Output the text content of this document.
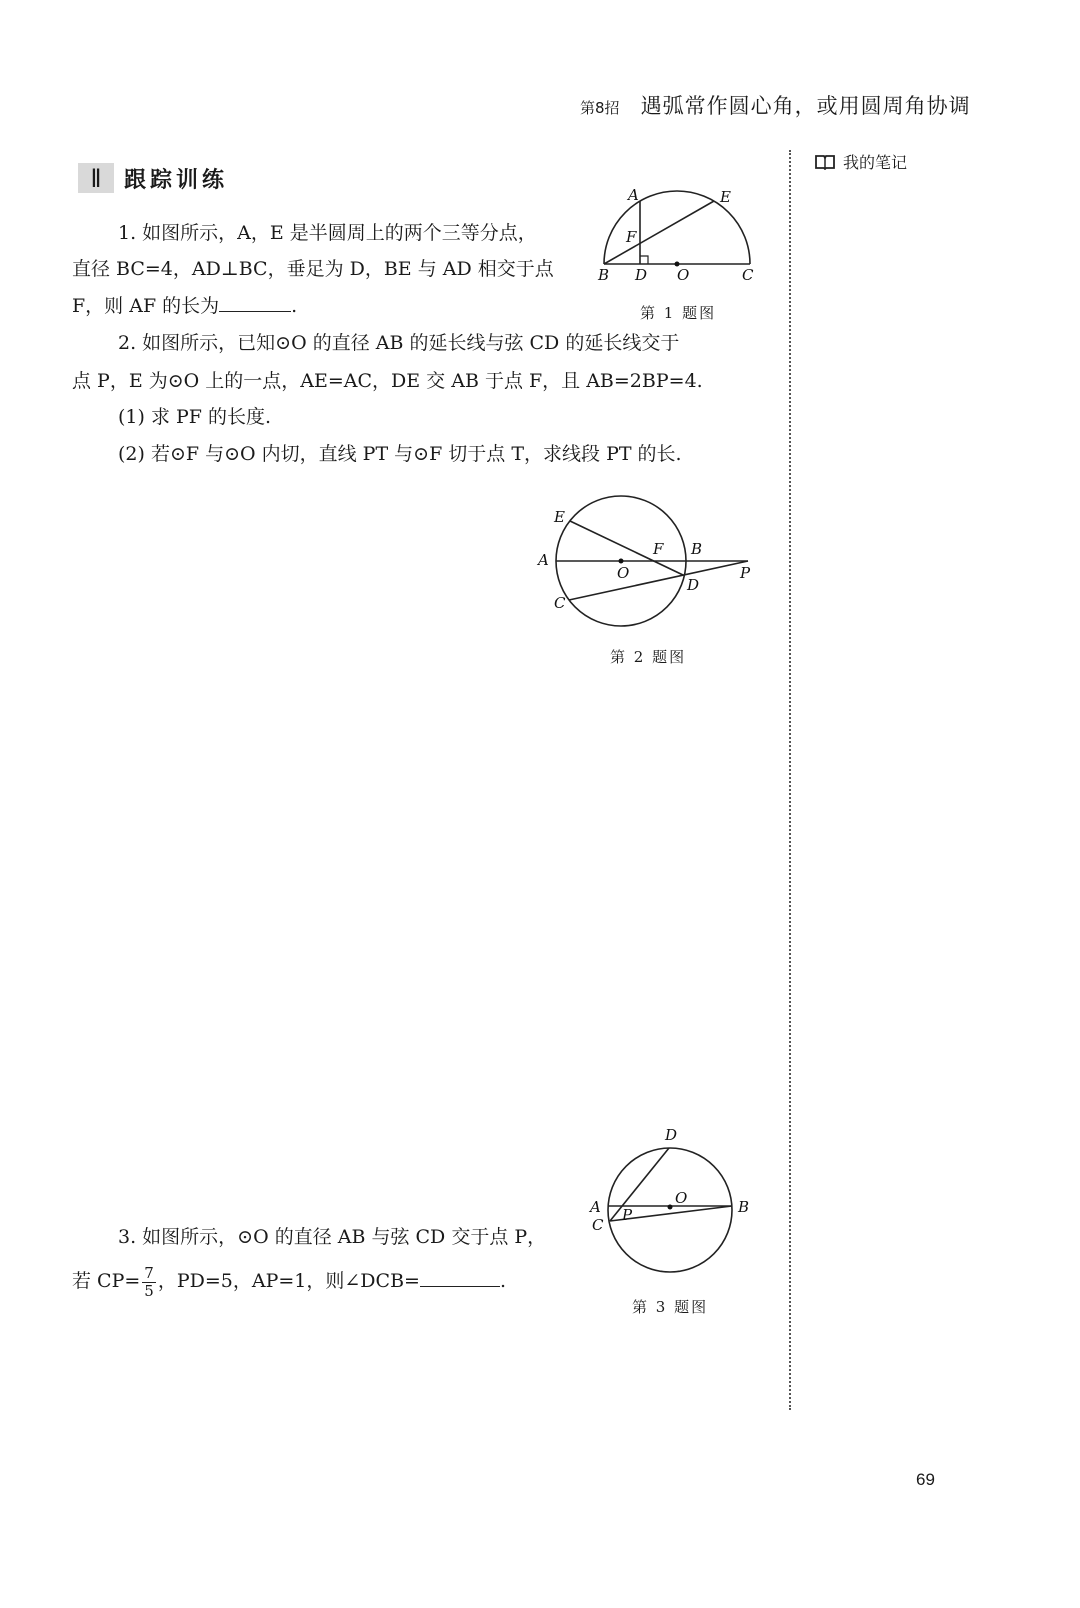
第8招 遇弧常作圆心角，或用圆周角协调
∥	跟踪训练
我的笔记
1. 如图所示，A，E 是半圆周上的两个三等分点，
直径 BC=4，AD⊥BC，垂足为 D，BE 与 AD 相交于点
F，则 AF 的长为	.
A	E
F
B D O	C
第 1 题图
2. 如图所示，已知⊙O 的直径 AB 的延长线与弦 CD 的延长线交于
点 P，E 为⊙O 上的一点，AE=AC，DE 交 AB 于点 F，且 AB=2BP=4.
(1) 求 PF 的长度.
(2) 若⊙F 与⊙O 内切，直线 PT 与⊙F 切于点 T，求线段 PT 的长.
E
A
O
F B
P
D
C
第 2 题图
D
O
A	B
C
P
3. 如图所示，⊙O 的直径 AB 与弦 CD 交于点 P，
若 $CP= \frac{7}{5}$ ，PD=5，AP=1，则∠DCB=	.
第 3 题图
69
